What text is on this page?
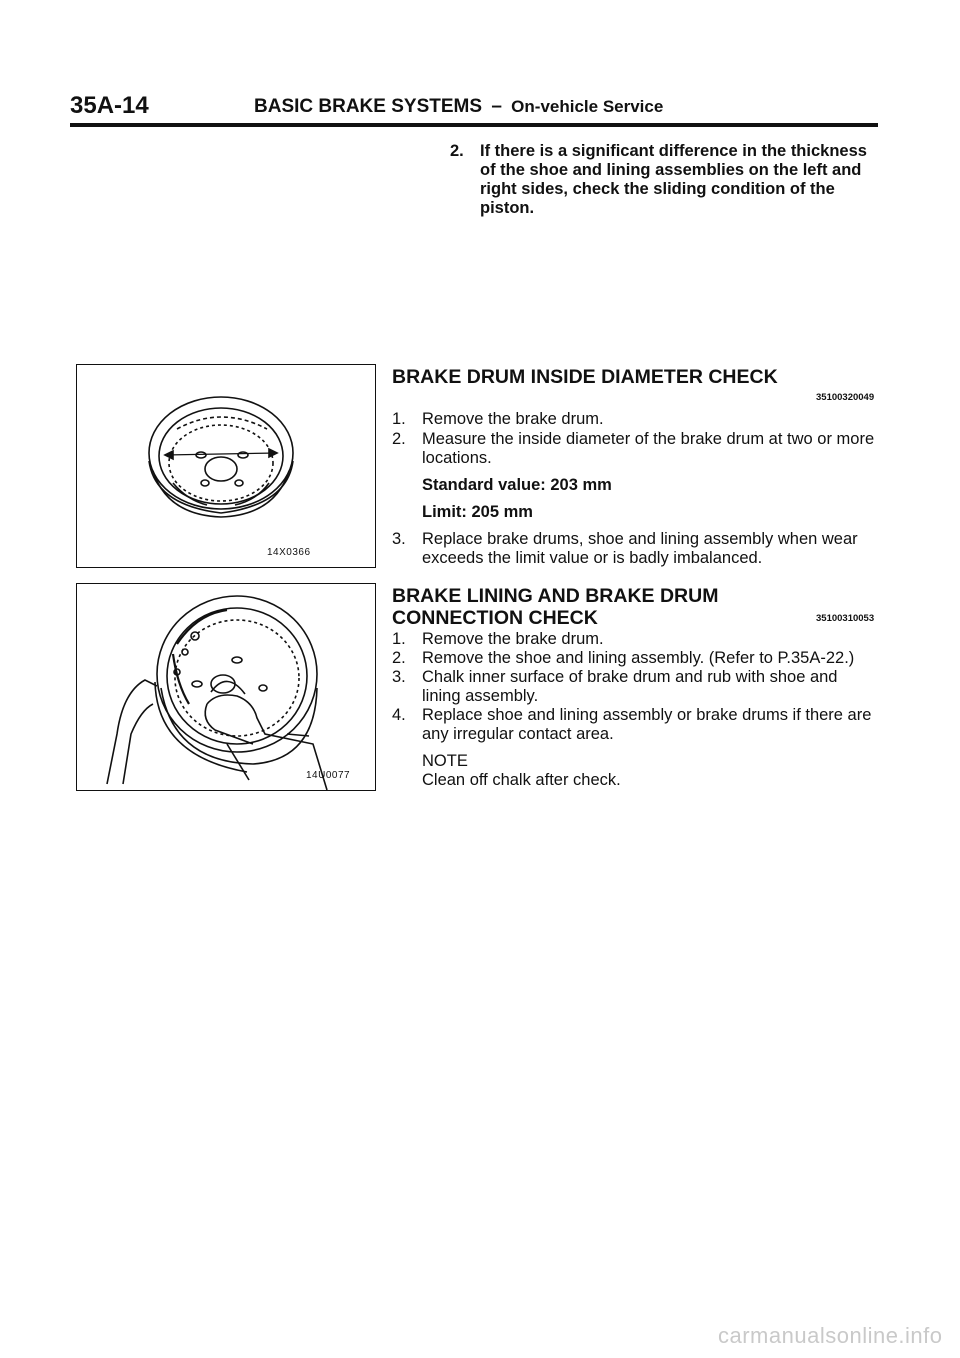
35A-14	BASIC BRAKE SYSTEMS – On-vehicle Service
2. If there is a significant difference in the thickness of the shoe and lining assemblies on the left and right sides, check the sliding condition of the piston.
14X0366
BRAKE DRUM INSIDE DIAMETER CHECK
35100320049
1. Remove the brake drum.
2. Measure the inside diameter of the brake drum at two or more locations.
Standard value: 203 mm
Limit: 205 mm
3. Replace brake drums, shoe and lining assembly when wear exceeds the limit value or is badly imbalanced.
14U0077
BRAKE LINING AND BRAKE DRUM
CONNECTION CHECK	35100310053
1. Remove the brake drum.
2. Remove the shoe and lining assembly. (Refer to P.35A-22.)
3. Chalk inner surface of brake drum and rub with shoe and lining assembly.
4. Replace shoe and lining assembly or brake drums if there are any irregular contact area.
NOTE
Clean off chalk after check.
carmanualsonline.info
